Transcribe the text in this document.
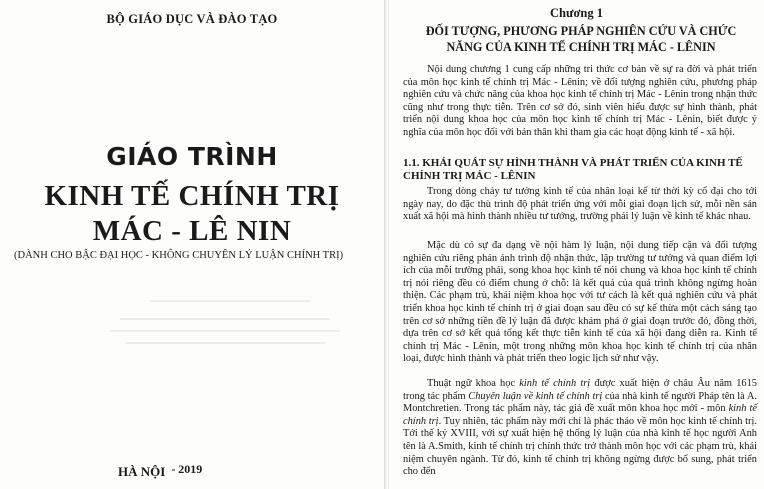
BỘ GIÁO DỤC VÀ ĐÀO TẠO
GIÁO TRÌNH
KINH TẾ CHÍNH TRỊ
MÁC - LÊ NIN
(DÀNH CHO BẬC ĐẠI HỌC - KHÔNG CHUYÊN LÝ LUẬN CHÍNH TRỊ)
HÀ NỘI - 2019
Chương 1
ĐỐI TƯỢNG, PHƯƠNG PHÁP NGHIÊN CỨU VÀ CHỨC NĂNG CỦA KINH TẾ CHÍNH TRỊ MÁC - LÊNIN

Nội dung chương 1 cung cấp những tri thức cơ bản về sự ra đời và phát triển của môn học kinh tế chính trị Mác - Lênin; về đối tượng nghiên cứu, phương pháp nghiên cứu và chức năng của khoa học kinh tế chính trị Mác - Lênin trong nhận thức cũng như trong thực tiễn. Trên cơ sở đó, sinh viên hiểu được sự hình thành, phát triển nội dung khoa học của môn học kinh tế chính trị Mác - Lênin, biết được ý nghĩa của môn học đối với bản thân khi tham gia các hoạt động kinh tế - xã hội.

1.1. KHÁI QUÁT SỰ HÌNH THÀNH VÀ PHÁT TRIỂN CỦA KINH TẾ CHÍNH TRỊ MÁC - LÊNIN

Trong dòng chảy tư tưởng kinh tế của nhân loại kể từ thời kỳ cổ đại cho tới ngày nay, do đặc thù trình độ phát triển ứng với mỗi giai đoạn lịch sử, mỗi nền sản xuất xã hội mà hình thành nhiều tư tưởng, trường phái lý luận về kinh tế khác nhau.

Mặc dù có sự đa dạng về nội hàm lý luận, nội dung tiếp cận và đối tượng nghiên cứu riêng phản ánh trình độ nhận thức, lập trường tư tưởng và quan điểm lợi ích của mỗi trường phái, song khoa học kinh tế nói chung và khoa học kinh tế chính trị nói riêng đều có điểm chung ở chỗ: là kết quả của quá trình không ngừng hoàn thiện. Các phạm trù, khái niệm khoa học với tư cách là kết quả nghiên cứu và phát triển khoa học kinh tế chính trị ở giai đoạn sau đều có sự kế thừa một cách sáng tạo trên cơ sở những tiền đề lý luận đã được khám phá ở giai đoạn trước đó, đồng thời, dựa trên cơ sở kết quả tổng kết thực tiễn kinh tế của xã hội đang diễn ra. Kinh tế chính trị Mác - Lênin, một trong những môn khoa học kinh tế chính trị của nhân loại, được hình thành và phát triển theo logic lịch sử như vậy.

Thuật ngữ khoa học kinh tế chính trị được xuất hiện ở châu Âu năm 1615 trong tác phẩm Chuyên luận về kinh tế chính trị của nhà kinh tế người Pháp tên là A. Montchretien. Trong tác phẩm này, tác giả đề xuất môn khoa học mới - môn kinh tế chính trị. Tuy nhiên, tác phẩm này mới chỉ là phác thảo về môn học kinh tế chính trị. Tới thế kỷ XVIII, với sự xuất hiện hệ thống lý luận của nhà kinh tế học người Anh tên là A.Smith, kinh tế chính trị chính thức trở thành môn học với các phạm trù, khái niệm chuyên ngành. Từ đó, kinh tế chính trị không ngừng được bổ sung, phát triển cho đến
